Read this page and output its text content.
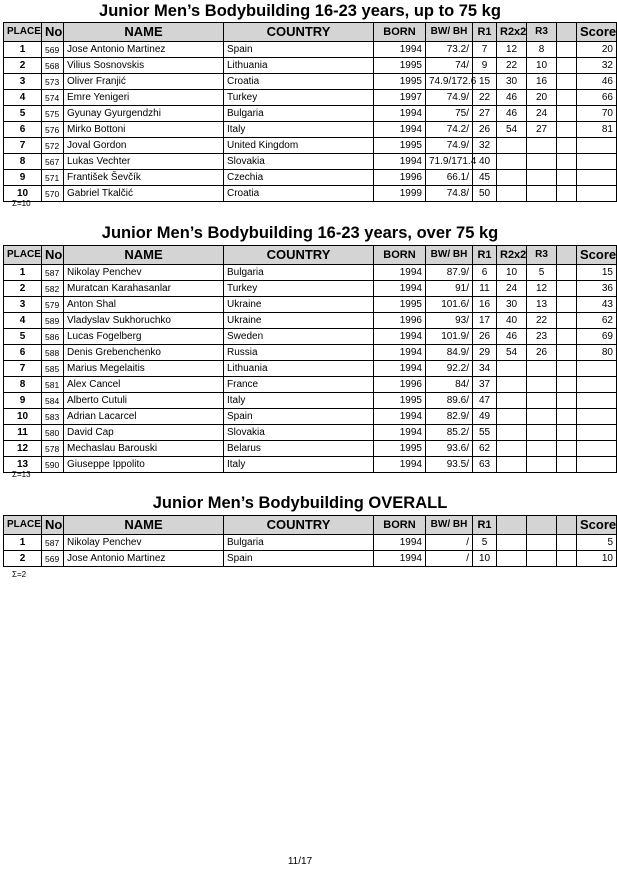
Junior Men’s Bodybuilding 16-23 years, up to 75 kg
PLACE	No	NAME	COUNTRY	BORN	BW/ BH	R1	R2x2	R3		Score
1	569	Jose Antonio Martinez	Spain	1994	73.2/	7	12	8		20
2	568	Vilius Sosnovskis	Lithuania	1995	74/	9	22	10		32
3	573	Oliver Franjić	Croatia	1995	74.9/172.6	15	30	16		46
4	574	Emre Yenigeri	Turkey	1997	74.9/	22	46	20		66
5	575	Gyunay Gyurgendzhi	Bulgaria	1994	75/	27	46	24		70
6	576	Mirko Bottoni	Italy	1994	74.2/	26	54	27		81
7	572	Joval Gordon	United Kingdom	1995	74.9/	32				
8	567	Lukas Vechter	Slovakia	1994	71.9/171.4	40				
9	571	František Ševčík	Czechia	1996	66.1/	45				
10	570	Gabriel Tkalčić	Croatia	1999	74.8/	50				
Σ=10
Junior Men’s Bodybuilding 16-23 years, over 75 kg
PLACE	No	NAME	COUNTRY	BORN	BW/ BH	R1	R2x2	R3		Score
1	587	Nikolay Penchev	Bulgaria	1994	87.9/	6	10	5		15
2	582	Muratcan Karahasanlar	Turkey	1994	91/	11	24	12		36
3	579	Anton Shal	Ukraine	1995	101.6/	16	30	13		43
4	589	Vladyslav Sukhoruchko	Ukraine	1996	93/	17	40	22		62
5	586	Lucas Fogelberg	Sweden	1994	101.9/	26	46	23		69
6	588	Denis Grebenchenko	Russia	1994	84.9/	29	54	26		80
7	585	Marius Megelaitis	Lithuania	1994	92.2/	34				
8	581	Alex Cancel	France	1996	84/	37				
9	584	Alberto Cutuli	Italy	1995	89.6/	47				
10	583	Adrian Lacarcel	Spain	1994	82.9/	49				
11	580	David Cap	Slovakia	1994	85.2/	55				
12	578	Mechaslau Barouski	Belarus	1995	93.6/	62				
13	590	Giuseppe Ippolito	Italy	1994	93.5/	63				
Σ=13
Junior Men’s Bodybuilding OVERALL
PLACE	No	NAME	COUNTRY	BORN	BW/ BH	R1				Score
1	587	Nikolay Penchev	Bulgaria	1994	/	5				5
2	569	Jose Antonio Martinez	Spain	1994	/	10				10
Σ=2
11/17
